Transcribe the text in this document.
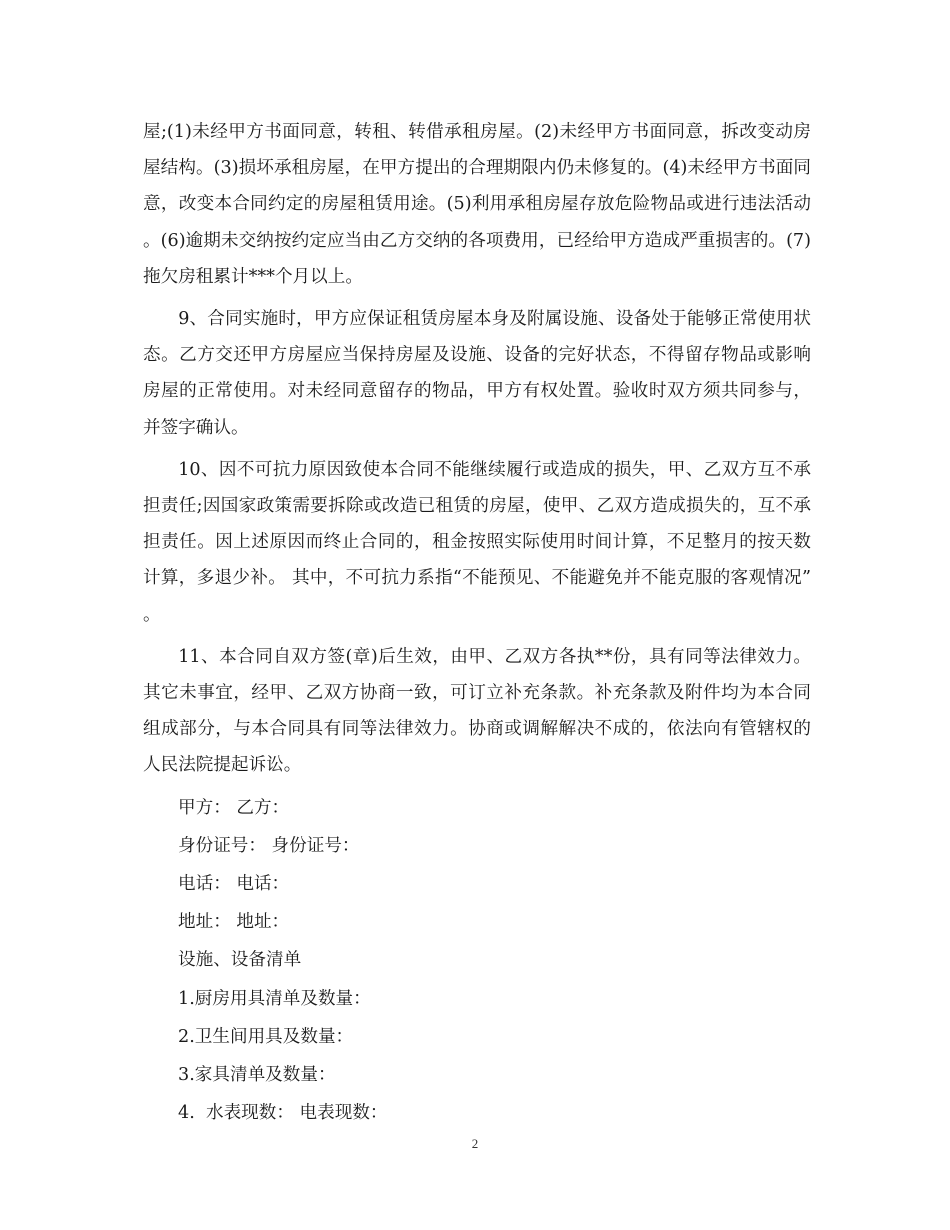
屋;(1)未经甲方书面同意，转租、转借承租房屋。(2)未经甲方书面同意，拆改变动房屋结构。(3)损坏承租房屋，在甲方提出的合理期限内仍未修复的。(4)未经甲方书面同意，改变本合同约定的房屋租赁用途。(5)利用承租房屋存放危险物品或进行违法活动。(6)逾期未交纳按约定应当由乙方交纳的各项费用，已经给甲方造成严重损害的。(7)拖欠房租累计***个月以上。

9、合同实施时，甲方应保证租赁房屋本身及附属设施、设备处于能够正常使用状态。乙方交还甲方房屋应当保持房屋及设施、设备的完好状态，不得留存物品或影响房屋的正常使用。对未经同意留存的物品，甲方有权处置。验收时双方须共同参与，并签字确认。

10、因不可抗力原因致使本合同不能继续履行或造成的损失，甲、乙双方互不承担责任;因国家政策需要拆除或改造已租赁的房屋，使甲、乙双方造成损失的，互不承担责任。因上述原因而终止合同的，租金按照实际使用时间计算，不足整月的按天数计算，多退少补。 其中，不可抗力系指“不能预见、不能避免并不能克服的客观情况”。

11、本合同自双方签(章)后生效，由甲、乙双方各执**份，具有同等法律效力。其它未事宜，经甲、乙双方协商一致，可订立补充条款。补充条款及附件均为本合同组成部分，与本合同具有同等法律效力。协商或调解解决不成的，依法向有管辖权的人民法院提起诉讼。

甲方： 乙方：

身份证号： 身份证号：

电话： 电话：

地址： 地址：

设施、设备清单

1.厨房用具清单及数量：

2.卫生间用具及数量：

3.家具清单及数量：

4.  水表现数： 电表现数：

2
